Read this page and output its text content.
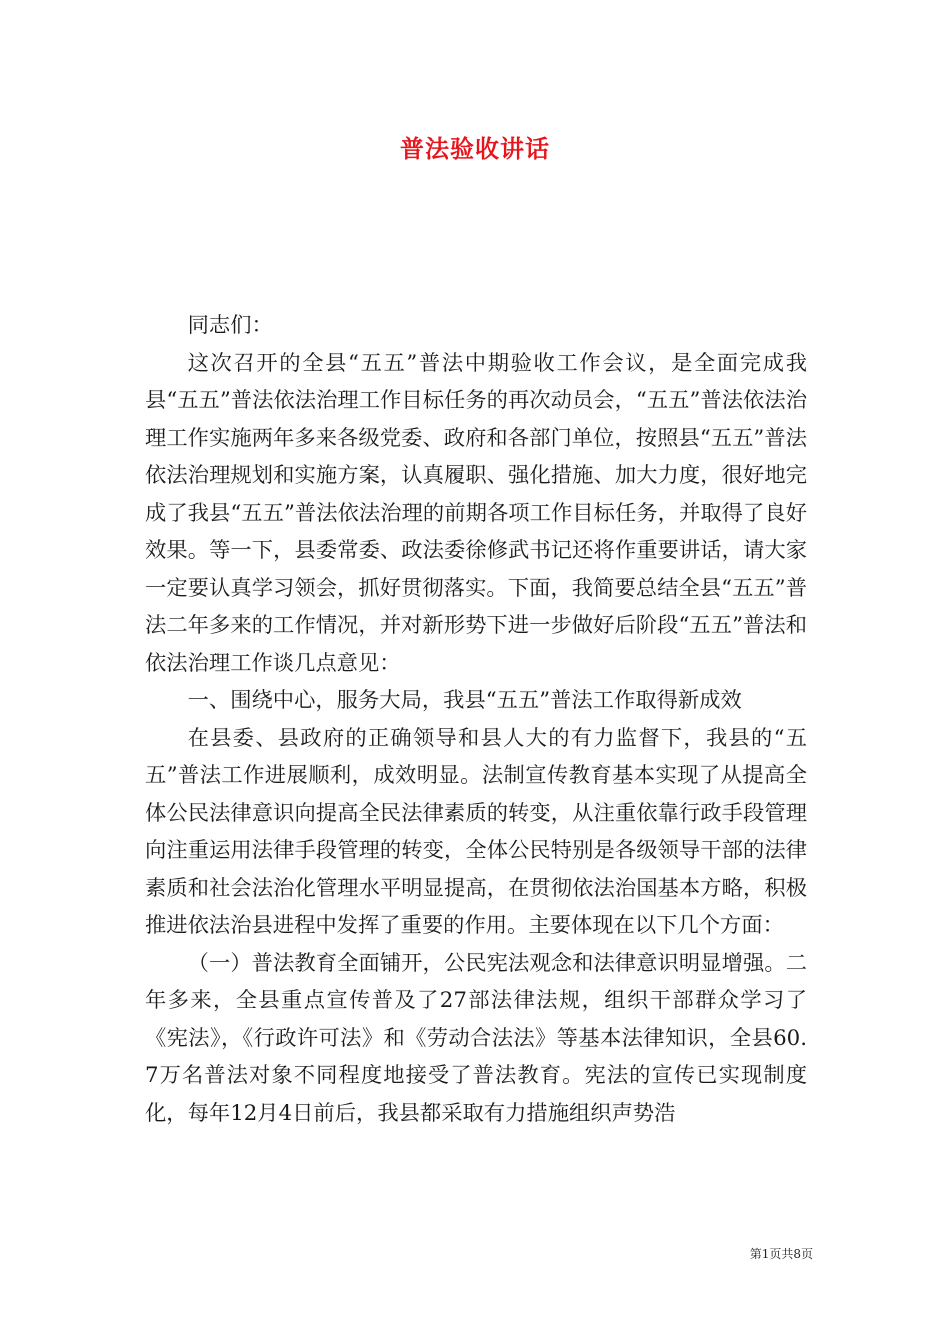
普法验收讲话

同志们：

这次召开的全县“五五”普法中期验收工作会议，是全面完成我县“五五”普法依法治理工作目标任务的再次动员会，“五五”普法依法治理工作实施两年多来各级党委、政府和各部门单位，按照县“五五”普法依法治理规划和实施方案，认真履职、强化措施、加大力度，很好地完成了我县“五五”普法依法治理的前期各项工作目标任务，并取得了良好效果。等一下，县委常委、政法委徐修武书记还将作重要讲话，请大家一定要认真学习领会，抓好贯彻落实。下面，我简要总结全县“五五”普法二年多来的工作情况，并对新形势下进一步做好后阶段“五五”普法和依法治理工作谈几点意见：

一、围绕中心，服务大局，我县“五五”普法工作取得新成效

在县委、县政府的正确领导和县人大的有力监督下，我县的“五五”普法工作进展顺利，成效明显。法制宣传教育基本实现了从提高全体公民法律意识向提高全民法律素质的转变，从注重依靠行政手段管理向注重运用法律手段管理的转变，全体公民特别是各级领导干部的法律素质和社会法治化管理水平明显提高，在贯彻依法治国基本方略，积极推进依法治县进程中发挥了重要的作用。主要体现在以下几个方面：

（一）普法教育全面铺开，公民宪法观念和法律意识明显增强。二年多来，全县重点宣传普及了27部法律法规，组织干部群众学习了《宪法》，《行政许可法》和《劳动合法法》等基本法律知识，全县60.7万名普法对象不同程度地接受了普法教育。宪法的宣传已实现制度化，每年12月4日前后，我县都采取有力措施组织声势浩

第1页共8页
